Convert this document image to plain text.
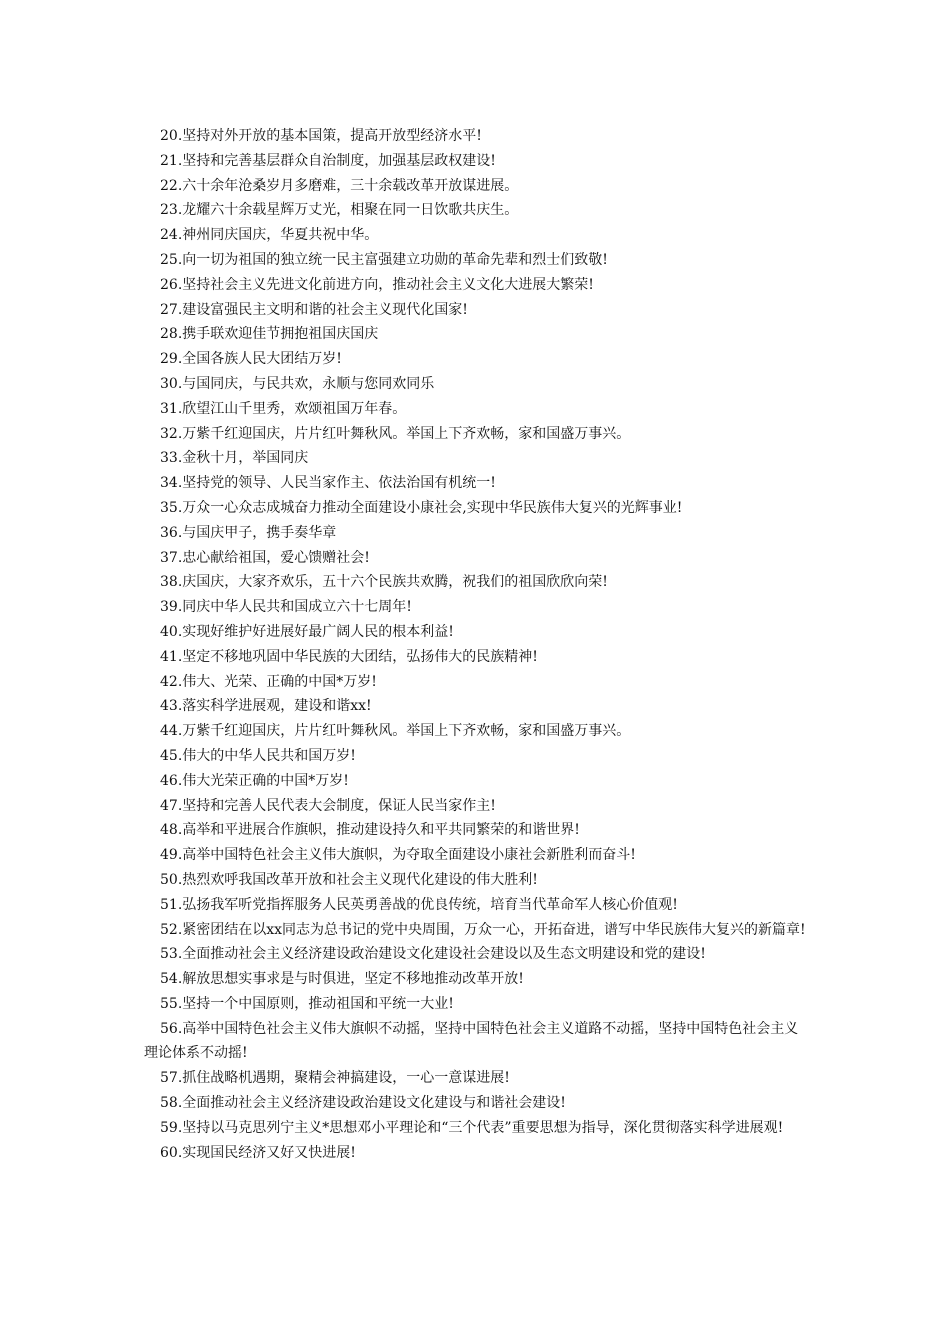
20.坚持对外开放的基本国策，提高开放型经济水平!

21.坚持和完善基层群众自治制度，加强基层政权建设!

22.六十余年沧桑岁月多磨难，三十余载改革开放谋进展。

23.龙耀六十余载星辉万丈光，相聚在同一日饮歌共庆生。

24.神州同庆国庆，华夏共祝中华。

25.向一切为祖国的独立统一民主富强建立功勋的革命先辈和烈士们致敬!

26.坚持社会主义先进文化前进方向，推动社会主义文化大进展大繁荣!

27.建设富强民主文明和谐的社会主义现代化国家!

28.携手联欢迎佳节拥抱祖国庆国庆

29.全国各族人民大团结万岁!

30.与国同庆，与民共欢，永顺与您同欢同乐

31.欣望江山千里秀，欢颂祖国万年春。

32.万紫千红迎国庆，片片红叶舞秋风。举国上下齐欢畅，家和国盛万事兴。

33.金秋十月，举国同庆

34.坚持党的领导、人民当家作主、依法治国有机统一!

35.万众一心众志成城奋力推动全面建设小康社会,实现中华民族伟大复兴的光辉事业!

36.与国庆甲子，携手奏华章

37.忠心献给祖国，爱心馈赠社会!

38.庆国庆，大家齐欢乐，五十六个民族共欢腾，祝我们的祖国欣欣向荣!

39.同庆中华人民共和国成立六十七周年!

40.实现好维护好进展好最广阔人民的根本利益!

41.坚定不移地巩固中华民族的大团结，弘扬伟大的民族精神!

42.伟大、光荣、正确的中国*万岁!

43.落实科学进展观，建设和谐xx!

44.万紫千红迎国庆，片片红叶舞秋风。举国上下齐欢畅，家和国盛万事兴。

45.伟大的中华人民共和国万岁!

46.伟大光荣正确的中国*万岁!

47.坚持和完善人民代表大会制度，保证人民当家作主!

48.高举和平进展合作旗帜，推动建设持久和平共同繁荣的和谐世界!

49.高举中国特色社会主义伟大旗帜，为夺取全面建设小康社会新胜利而奋斗!

50.热烈欢呼我国改革开放和社会主义现代化建设的伟大胜利!

51.弘扬我军听党指挥服务人民英勇善战的优良传统，培育当代革命军人核心价值观!

52.紧密团结在以xx同志为总书记的党中央周围，万众一心，开拓奋进，谱写中华民族伟大复兴的新篇章!

53.全面推动社会主义经济建设政治建设文化建设社会建设以及生态文明建设和党的建设!

54.解放思想实事求是与时俱进，坚定不移地推动改革开放!

55.坚持一个中国原则，推动祖国和平统一大业!

56.高举中国特色社会主义伟大旗帜不动摇，坚持中国特色社会主义道路不动摇，坚持中国特色社会主义理论体系不动摇!

57.抓住战略机遇期，聚精会神搞建设，一心一意谋进展!

58.全面推动社会主义经济建设政治建设文化建设与和谐社会建设!

59.坚持以马克思列宁主义*思想邓小平理论和“三个代表”重要思想为指导，深化贯彻落实科学进展观!

60.实现国民经济又好又快进展!
